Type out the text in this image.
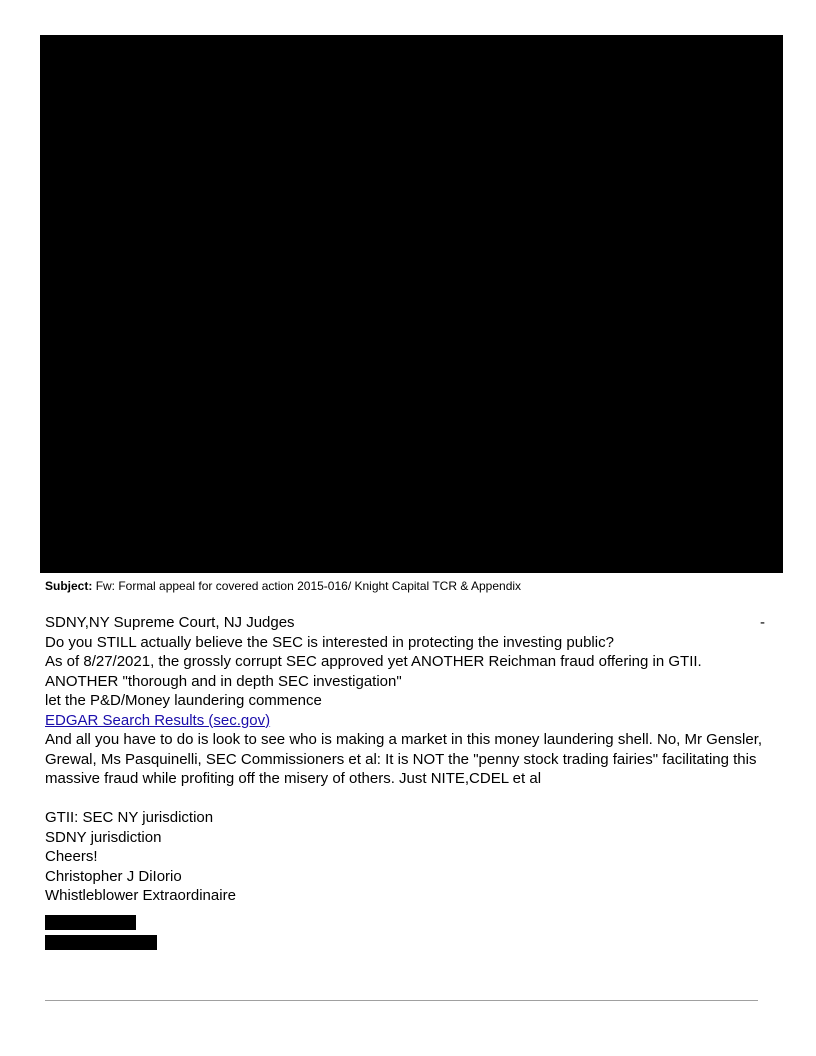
Subject: Fw: Formal appeal for covered action 2015-016/ Knight Capital TCR & Appendix
-
SDNY,NY Supreme Court, NJ Judges
Do you STILL actually believe the SEC is interested in protecting the investing public?
As of 8/27/2021, the grossly corrupt SEC approved yet ANOTHER Reichman fraud offering in GTII.
ANOTHER "thorough and in depth SEC investigation"
let the P&D/Money laundering commence
EDGAR Search Results (sec.gov)
And all you have to do is look to see who is making a market in this money laundering shell. No, Mr Gensler, Grewal, Ms Pasquinelli, SEC Commissioners et al: It is NOT the "penny stock trading fairies" facilitating this massive fraud while profiting off the misery of others. Just NITE,CDEL et al
GTII: SEC NY jurisdiction
SDNY jurisdiction
Cheers!
Christopher J DiIorio
Whistleblower Extraordinaire
